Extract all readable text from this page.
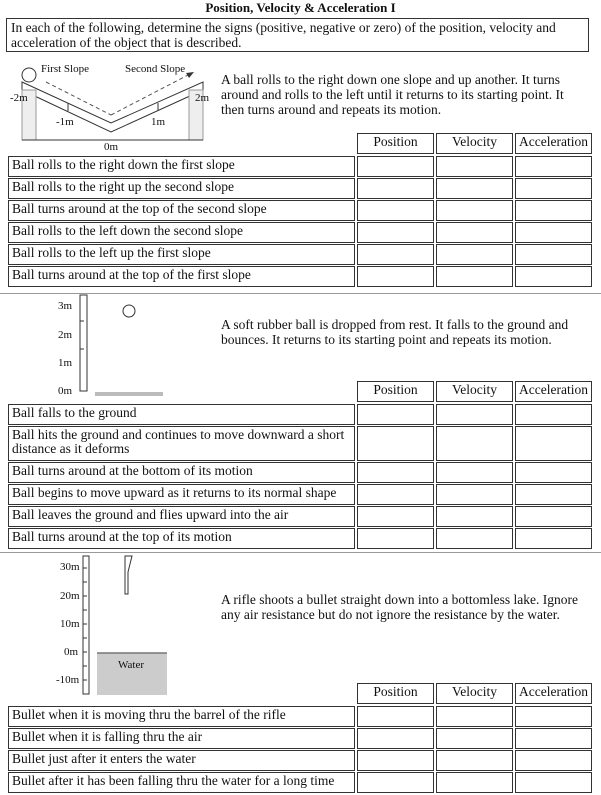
Position, Velocity & Acceleration I
In each of the following, determine the signs (positive, negative or zero) of the position, velocity and acceleration of the object that is described.
First Slope	Second Slope
-2m
-1m
0m
1m
2m
A ball rolls to the right down one slope and up another. It turns around and rolls to the left until it returns to its starting point. It then turns around and repeats its motion.
Position	Velocity	Acceleration
Ball rolls to the right down the first slope
Ball rolls to the right up the second slope
Ball turns around at the top of the second slope
Ball rolls to the left down the second slope
Ball rolls to the left up the first slope
Ball turns around at the top of the first slope
3m
2m
1m
0m
A soft rubber ball is dropped from rest. It falls to the ground and bounces. It returns to its starting point and repeats its motion.
Position	Velocity	Acceleration
Ball falls to the ground
Ball hits the ground and continues to move downward a short distance as it deforms
Ball turns around at the bottom of its motion
Ball begins to move upward as it returns to its normal shape
Ball leaves the ground and flies upward into the air
Ball turns around at the top of its motion
Water
30m
20m
10m
0m
-10m
A rifle shoots a bullet straight down into a bottomless lake. Ignore any air resistance but do not ignore the resistance by the water.
Position	Velocity	Acceleration
Bullet when it is moving thru the barrel of the rifle
Bullet when it is falling thru the air
Bullet just after it enters the water
Bullet after it has been falling thru the water for a long time
